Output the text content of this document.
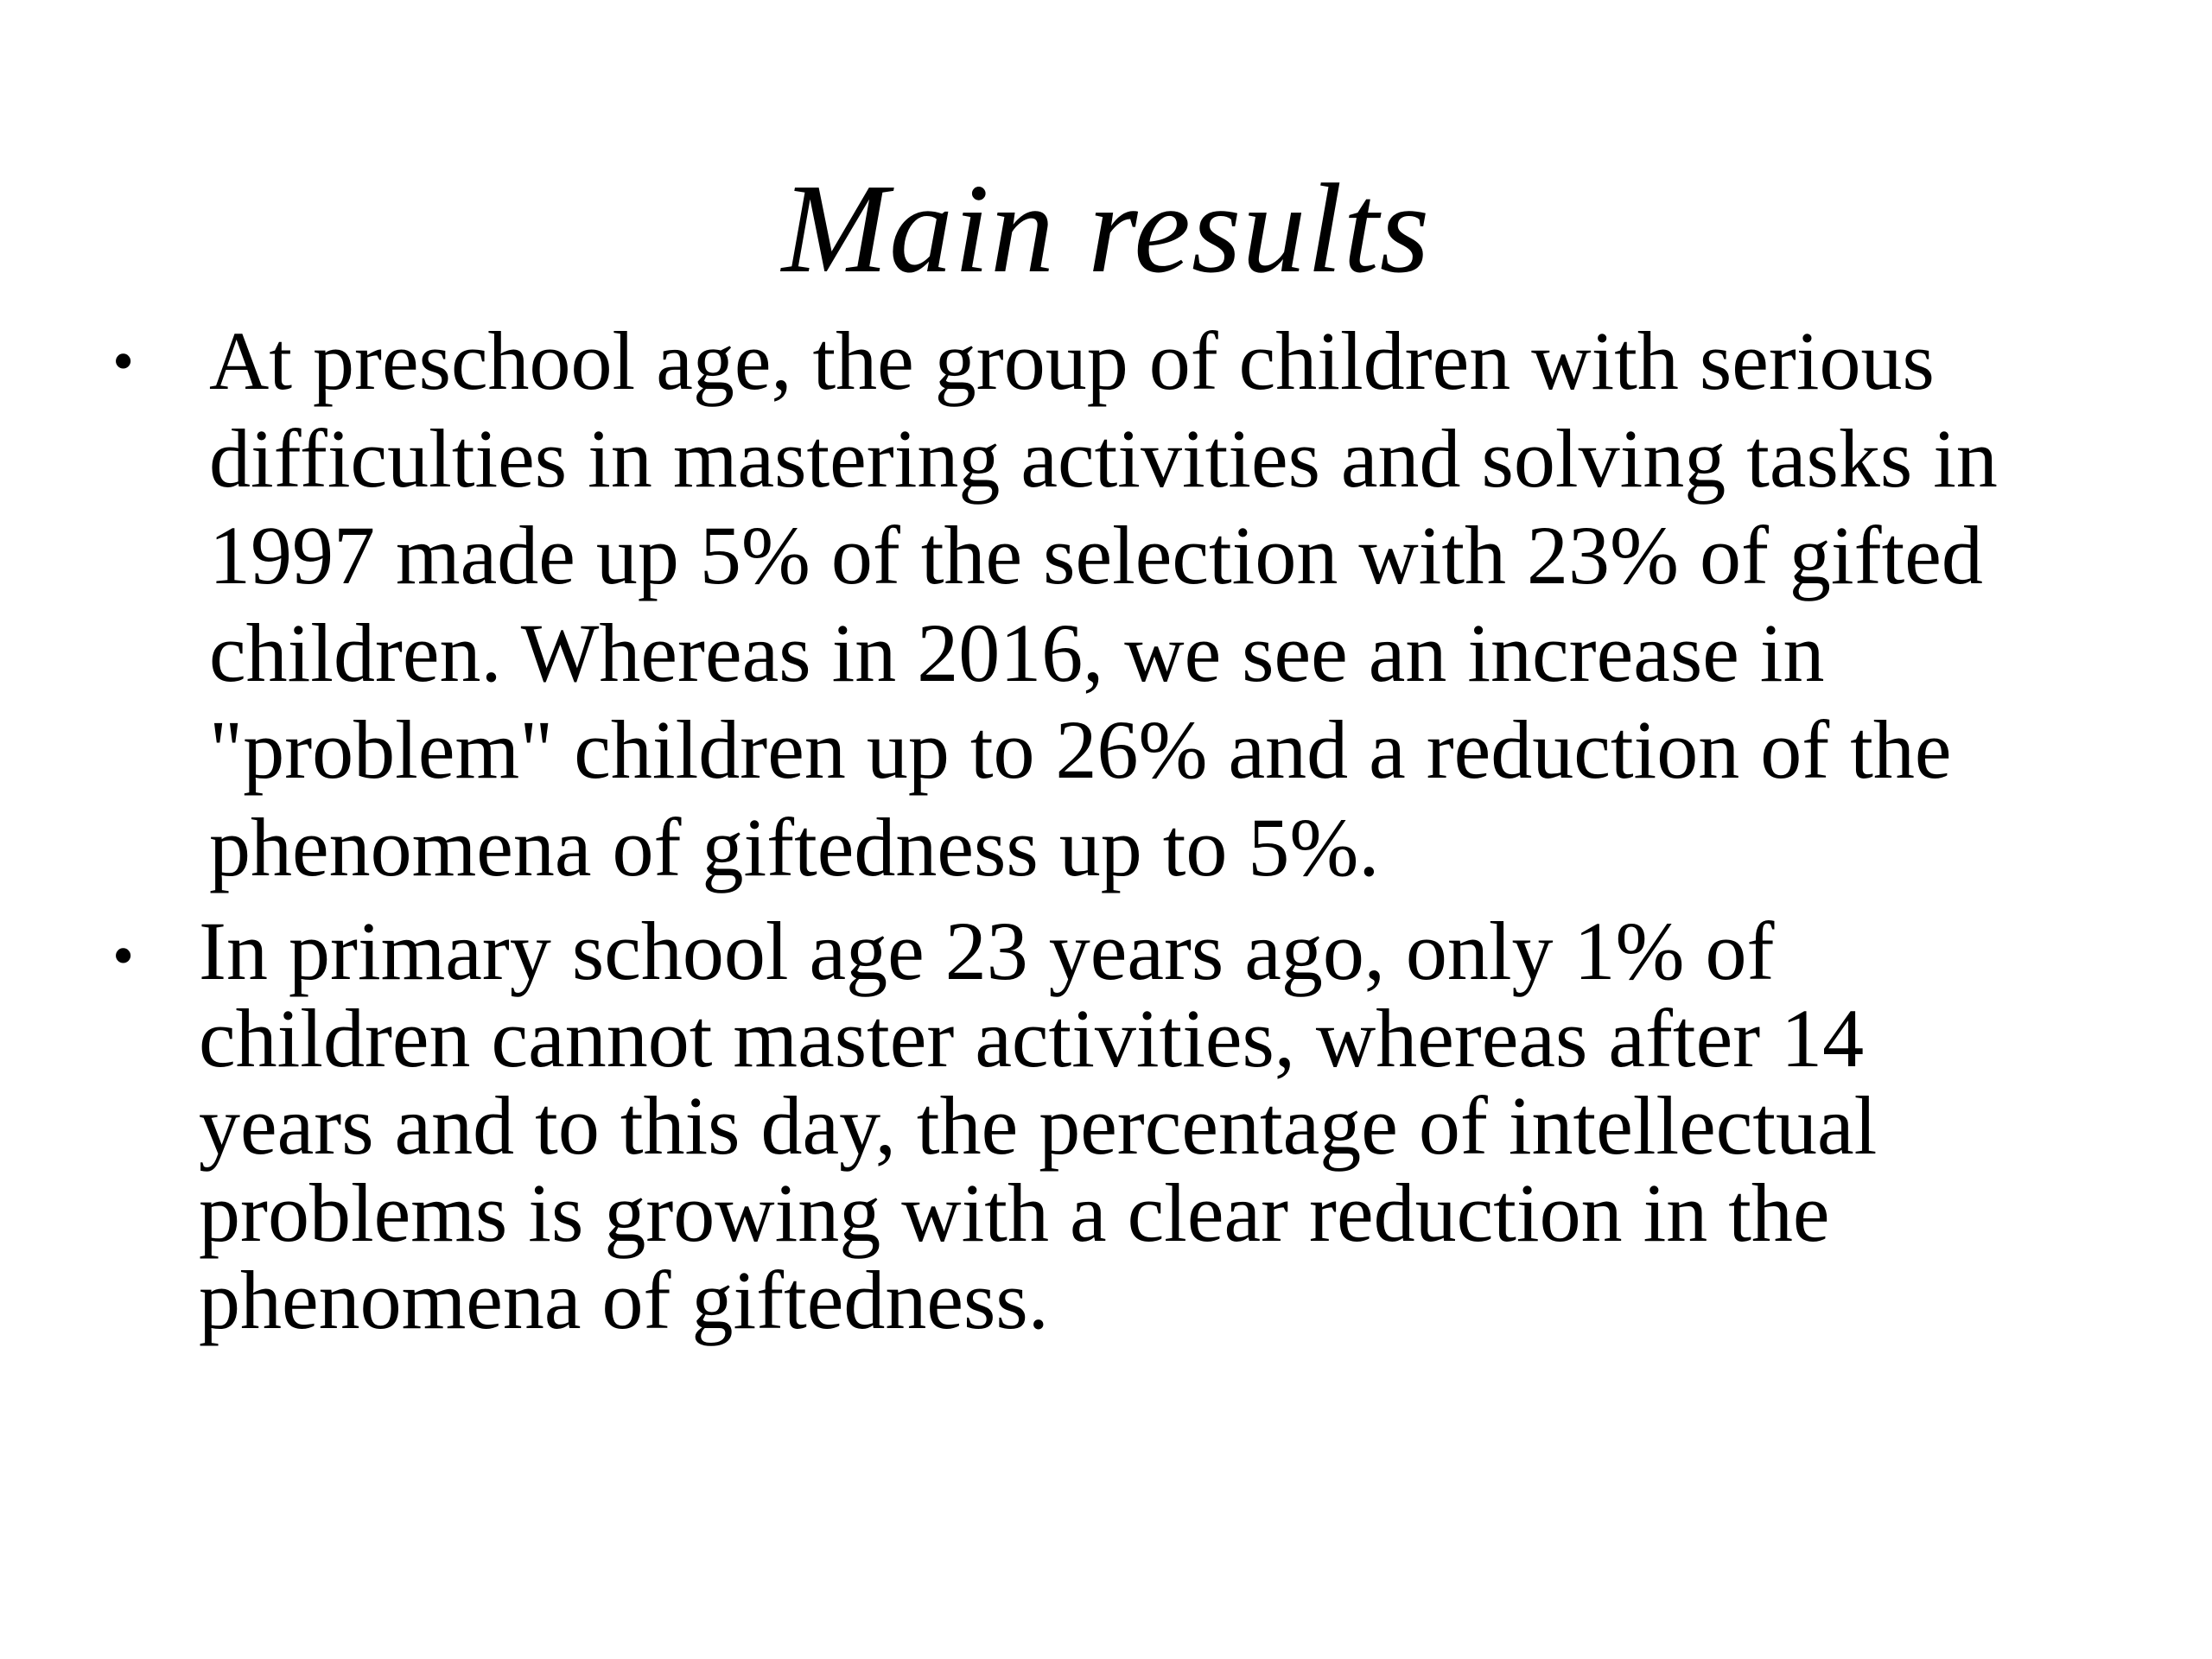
Main results
• At preschool age, the group of children with serious
difficulties in mastering activities and solving tasks in
1997 made up 5% of the selection with 23% of gifted
children. Whereas in 2016, we see an increase in
"problem" children up to 26% and a reduction of the
phenomena of giftedness up to 5%.

• In primary school age 23 years ago, only 1% of
children cannot master activities, whereas after 14
years and to this day, the percentage of intellectual
problems is growing with a clear reduction in the
phenomena of giftedness.
